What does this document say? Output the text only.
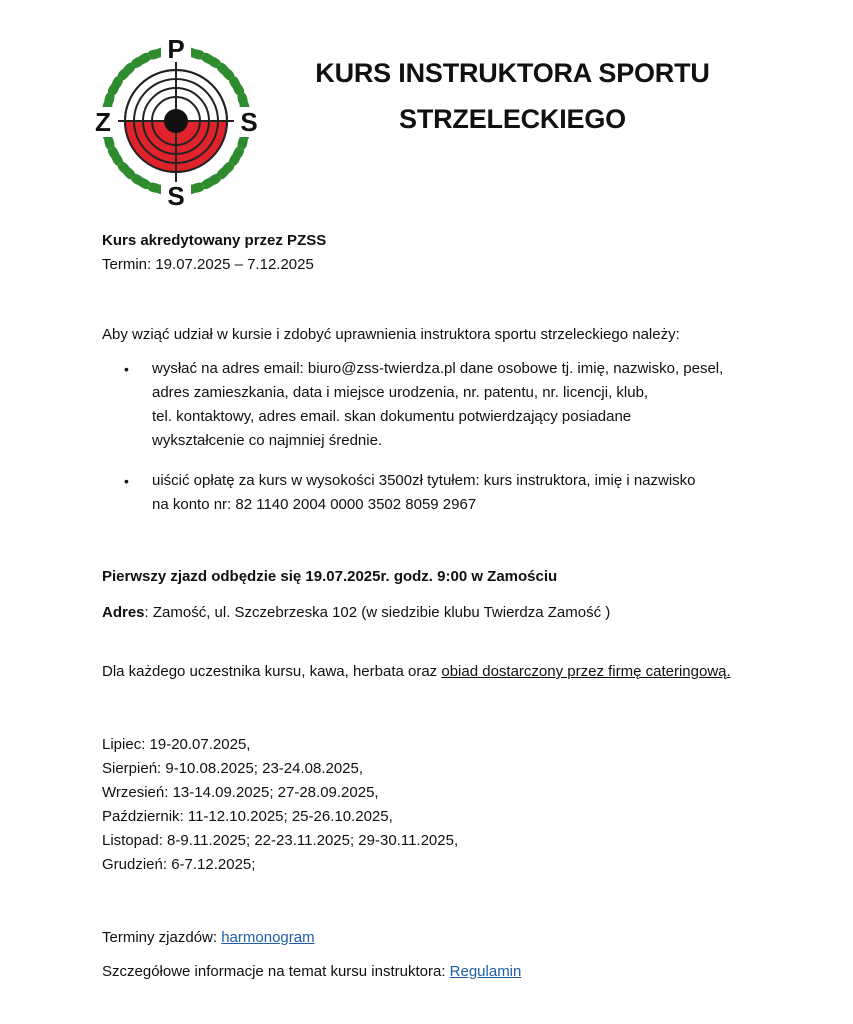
P
Z	S
S
KURS INSTRUKTORA SPORTU
STRZELECKIEGO

Kurs akredytowany przez PZSS

Termin: 19.07.2025 – 7.12.2025

Aby wziąć udział w kursie i zdobyć uprawnienia instruktora sportu strzeleckiego należy:

• wysłać na adres email: biuro@zss-twierdza.pl dane osobowe tj. imię, nazwisko, pesel,
adres zamieszkania, data i miejsce urodzenia, nr. patentu, nr. licencji, klub,
tel. kontaktowy, adres email. skan dokumentu potwierdzający posiadane
wykształcenie co najmniej średnie.
• uiścić opłatę za kurs w wysokości 3500zł tytułem: kurs instruktora, imię i nazwisko
na konto nr: 82 1140 2004 0000 3502 8059 2967

Pierwszy zjazd odbędzie się 19.07.2025r. godz. 9:00 w Zamościu

Adres: Zamość, ul. Szczebrzeska 102 (w siedzibie klubu Twierdza Zamość )

Dla każdego uczestnika kursu, kawa, herbata oraz obiad dostarczony przez firmę cateringową.

Lipiec: 19-20.07.2025,
Sierpień: 9-10.08.2025; 23-24.08.2025,
Wrzesień: 13-14.09.2025; 27-28.09.2025,
Październik: 11-12.10.2025; 25-26.10.2025,
Listopad: 8-9.11.2025; 22-23.11.2025; 29-30.11.2025,
Grudzień: 6-7.12.2025;

Terminy zjazdów: harmonogram

Szczegółowe informacje na temat kursu instruktora: Regulamin
